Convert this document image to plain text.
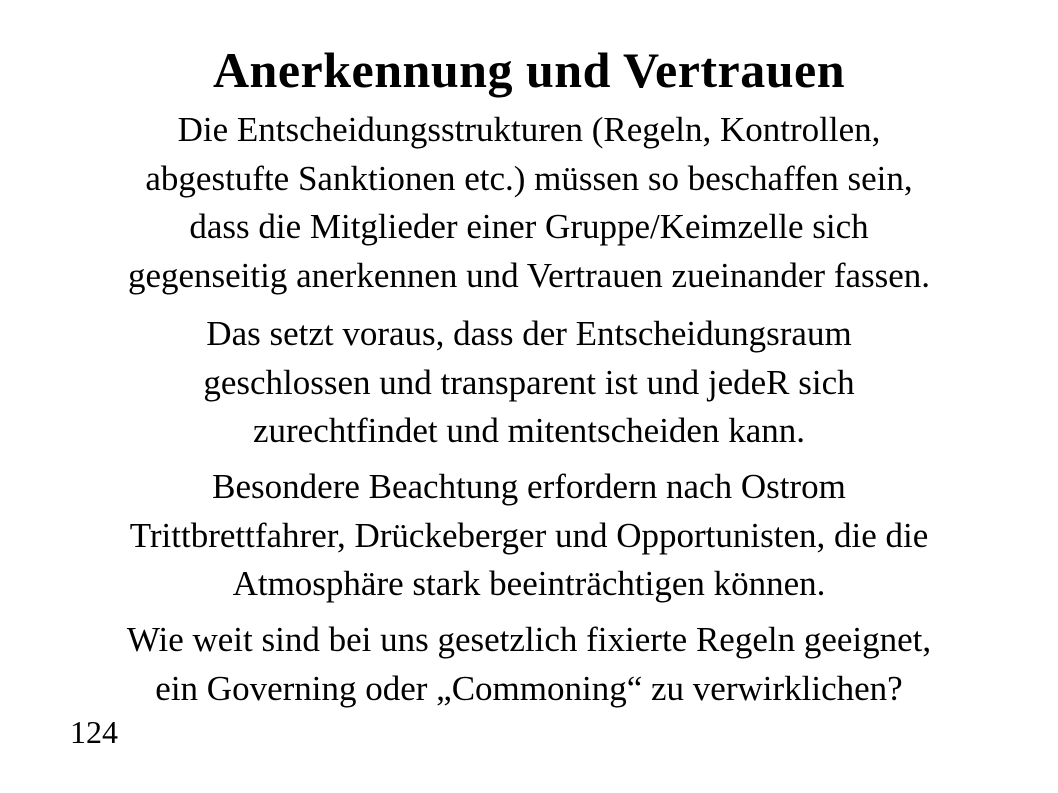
Anerkennung und Vertrauen

Die Entscheidungsstrukturen (Regeln, Kontrollen,
abgestufte Sanktionen etc.) müssen so beschaffen sein,
dass die Mitglieder einer Gruppe/Keimzelle sich
gegenseitig anerkennen und Vertrauen zueinander fassen.

Das setzt voraus, dass der Entscheidungsraum
geschlossen und transparent ist und jedeR sich
zurechtfindet und mitentscheiden kann.

Besondere Beachtung erfordern nach Ostrom
Trittbrettfahrer, Drückeberger und Opportunisten, die die
Atmosphäre stark beeinträchtigen können.

Wie weit sind bei uns gesetzlich fixierte Regeln geeignet,
ein Governing oder „Commoning“ zu verwirklichen?

124
